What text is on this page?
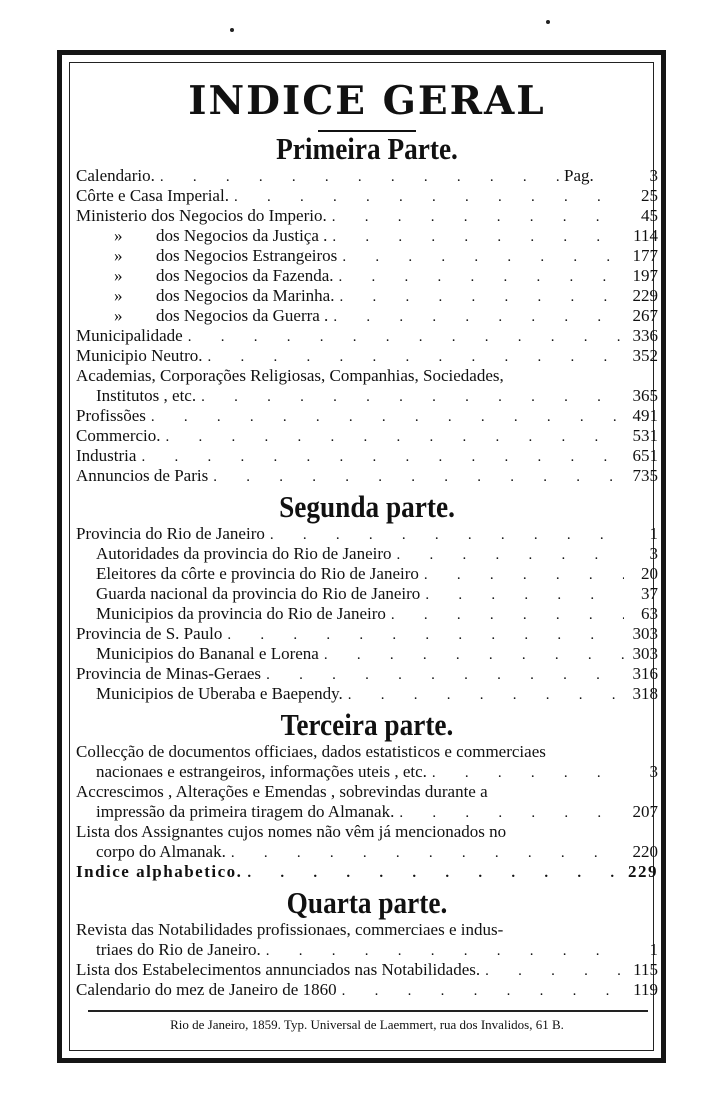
INDICE GERAL
Primeira Parte.
Calendario. . . .	Pag.	3
Côrte e Casa Imperial. . . .	25
Ministerio dos Negocios do Imperio. . . .	45
» dos Negocios da Justiça . . . .	114
» dos Negocios Estrangeiros . . .	177
» dos Negocios da Fazenda. . . .	197
» dos Negocios da Marinha. . . .	229
» dos Negocios da Guerra . . . .	267
Municipalidade . . .	336
Municipio Neutro. . . .	352
Academias, Corporações Religiosas, Companhias, Sociedades,
Institutos , etc. . . .	365
Profissões . . .	491
Commercio. . . .	531
Industria . . .	651
Annuncios de Paris . . .	735
Segunda parte.
Provincia do Rio de Janeiro . . .	1
Autoridades da provincia do Rio de Janeiro . . .	3
Eleitores da côrte e provincia do Rio de Janeiro . . .	20
Guarda nacional da provincia do Rio de Janeiro . . .	37
Municipios da provincia do Rio de Janeiro . . .	63
Provincia de S. Paulo . . .	303
Municipios do Bananal e Lorena . . .	303
Provincia de Minas-Geraes . . .	316
Municipios de Uberaba e Baependy. . . .	318
Terceira parte.
Collecção de documentos officiaes, dados estatisticos e commerciaes
nacionaes e estrangeiros, informações uteis , etc. . . .	3
Accrescimos , Alterações e Emendas , sobrevindas durante a
impressão da primeira tiragem do Almanak. . . .	207
Lista dos Assignantes cujos nomes não vêm já mencionados no
corpo do Almanak. . . .	220
Indice alphabetico. . . .	229
Quarta parte.
Revista das Notabilidades profissionaes, commerciaes e indus-
triaes do Rio de Janeiro. . . .	1
Lista dos Estabelecimentos annunciados nas Notabilidades. . . .	115
Calendario do mez de Janeiro de 1860 . . .	119
Rio de Janeiro, 1859. Typ. Universal de Laemmert, rua dos Invalidos, 61 B.
